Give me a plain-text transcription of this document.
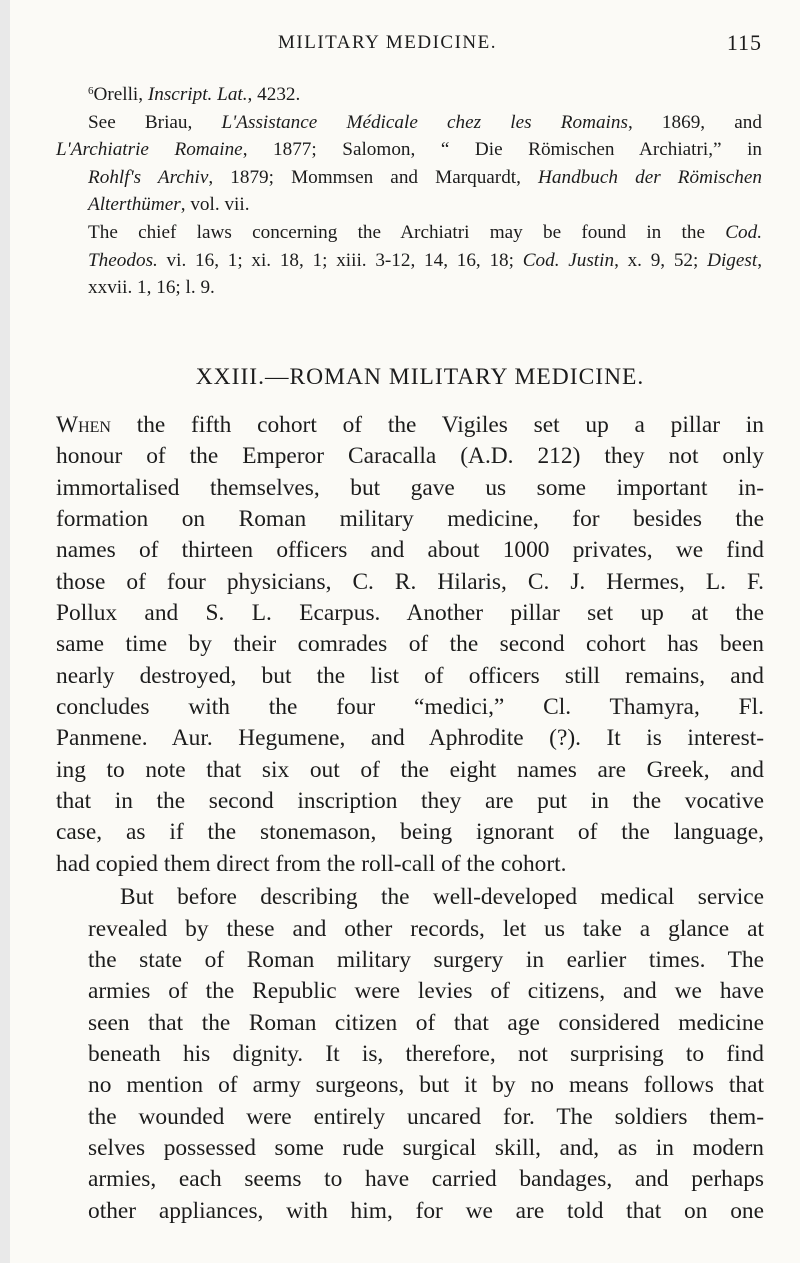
MILITARY MEDICINE.	115

$^6$Orelli, Inscript. Lat., 4232.

See Briau, L'Assistance Médicale chez les Romains, 1869, and
L'Archiatrie Romaine, 1877; Salomon, “ Die Römischen Archiatri,” in
Rohlf's Archiv, 1879; Mommsen and Marquardt, Handbuch der Römischen
Alterthümer, vol. vii.

The chief laws concerning the Archiatri may be found in the Cod.
Theodos. vi. 16, 1; xi. 18, 1; xiii. 3-12, 14, 16, 18; Cod. Justin, x. 9, 52; Digest,
xxvii. 1, 16; l. 9.

XXIII.—ROMAN MILITARY MEDICINE.

When the fifth cohort of the Vigiles set up a pillar in
honour of the Emperor Caracalla (A.D. 212) they not only
immortalised themselves, but gave us some important in-
formation on Roman military medicine, for besides the
names of thirteen officers and about 1000 privates, we find
those of four physicians, C. R. Hilaris, C. J. Hermes, L. F.
Pollux and S. L. Ecarpus. Another pillar set up at the
same time by their comrades of the second cohort has been
nearly destroyed, but the list of officers still remains, and
concludes with the four “medici,” Cl. Thamyra, Fl.
Panmene. Aur. Hegumene, and Aphrodite (?). It is interest-
ing to note that six out of the eight names are Greek, and
that in the second inscription they are put in the vocative
case, as if the stonemason, being ignorant of the language,
had copied them direct from the roll-call of the cohort.

But before describing the well-developed medical service
revealed by these and other records, let us take a glance at
the state of Roman military surgery in earlier times. The
armies of the Republic were levies of citizens, and we have
seen that the Roman citizen of that age considered medicine
beneath his dignity. It is, therefore, not surprising to find
no mention of army surgeons, but it by no means follows that
the wounded were entirely uncared for. The soldiers them-
selves possessed some rude surgical skill, and, as in modern
armies, each seems to have carried bandages, and perhaps
other appliances, with him, for we are told that on one
